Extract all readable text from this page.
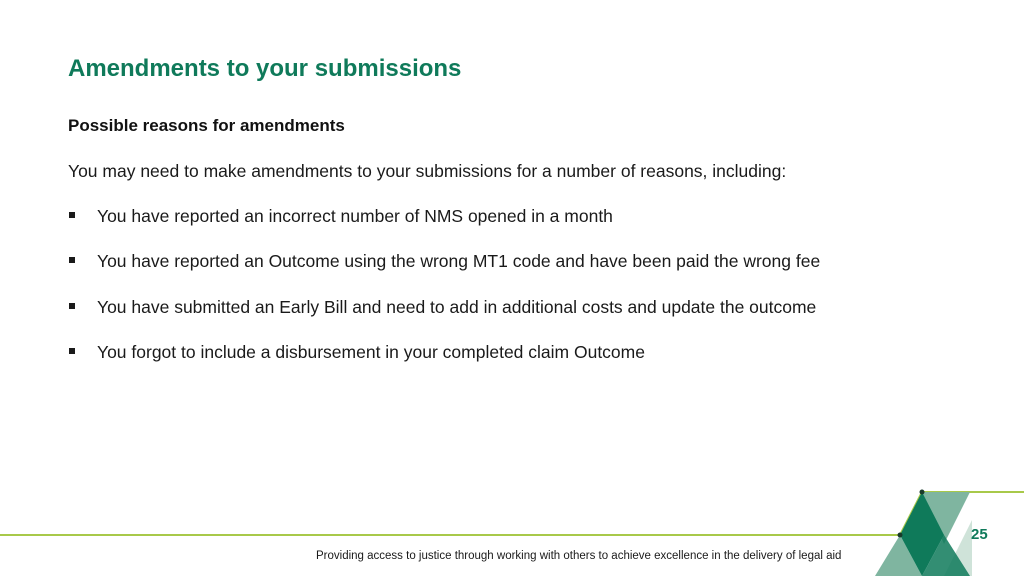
Amendments to your submissions
Possible reasons for amendments
You may need to make amendments to your submissions for a number of reasons, including:
You have reported an incorrect number of NMS opened in a month
You have reported an Outcome using the wrong MT1 code and have been paid the wrong fee
You have submitted an Early Bill and need to add in additional costs and update the outcome
You forgot to include a disbursement in your completed claim Outcome
Providing access to justice through working with others to achieve excellence in the delivery of legal aid
25
